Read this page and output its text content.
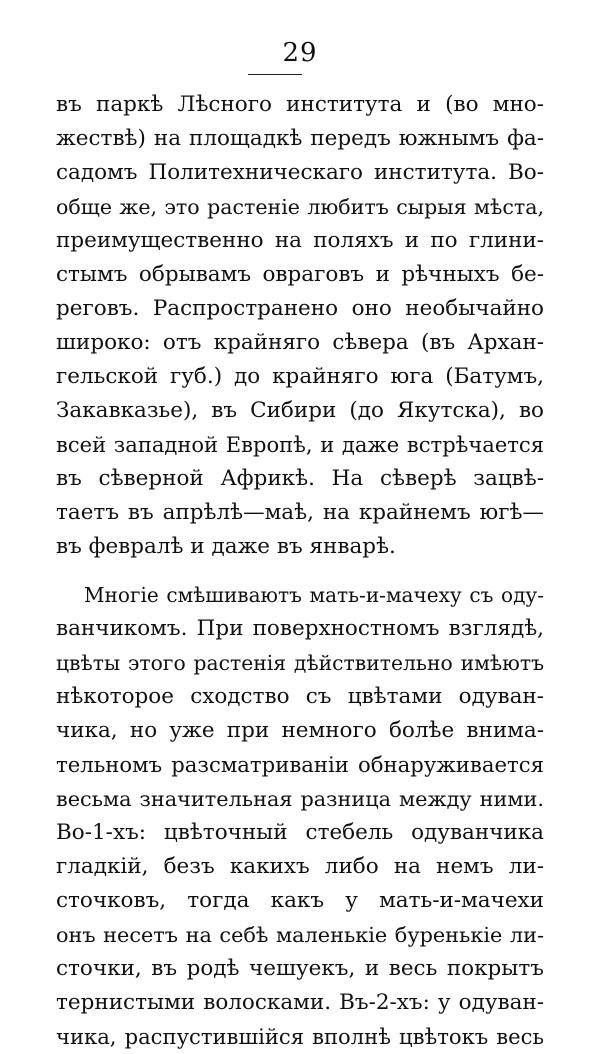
29
въ паркѣ Лѣсного института и (во мно-
жествѣ) на площадкѣ передъ южнымъ фа-
садомъ Политехническаго института. Во-
обще же, это растеніе любитъ сырыя мѣста,
преимущественно на поляхъ и по глини-
стымъ обрывамъ овраговъ и рѣчныхъ бе-
реговъ. Распространено оно необычайно
широко: отъ крайняго сѣвера (въ Архан-
гельской губ.) до крайняго юга (Батумъ,
Закавказье), въ Сибири (до Якутска), во
всей западной Европѣ, и даже встрѣчается
въ сѣверной Африкѣ. На сѣверѣ зацвѣ-
таетъ въ апрѣлѣ—маѣ, на крайнемъ югѣ—
въ февралѣ и даже въ январѣ.
Многіе смѣшиваютъ мать-и-мачеху съ оду-
ванчикомъ. При поверхностномъ взглядѣ,
цвѣты этого растенія дѣйствительно имѣютъ
нѣкоторое сходство съ цвѣтами одуван-
чика, но уже при немного болѣе внима-
тельномъ разсматриваніи обнаруживается
весьма значительная разница между ними.
Во-1-хъ: цвѣточный стебель одуванчика
гладкій, безъ какихъ либо на немъ ли-
сточковъ, тогда какъ у мать-и-мачехи
онъ несетъ на себѣ маленькіе буренькіе ли-
сточки, въ родѣ чешуекъ, и весь покрытъ
тернистыми волосками. Въ-2-хъ: у одуван-
чика, распустившійся вполнѣ цвѣтокъ весь
